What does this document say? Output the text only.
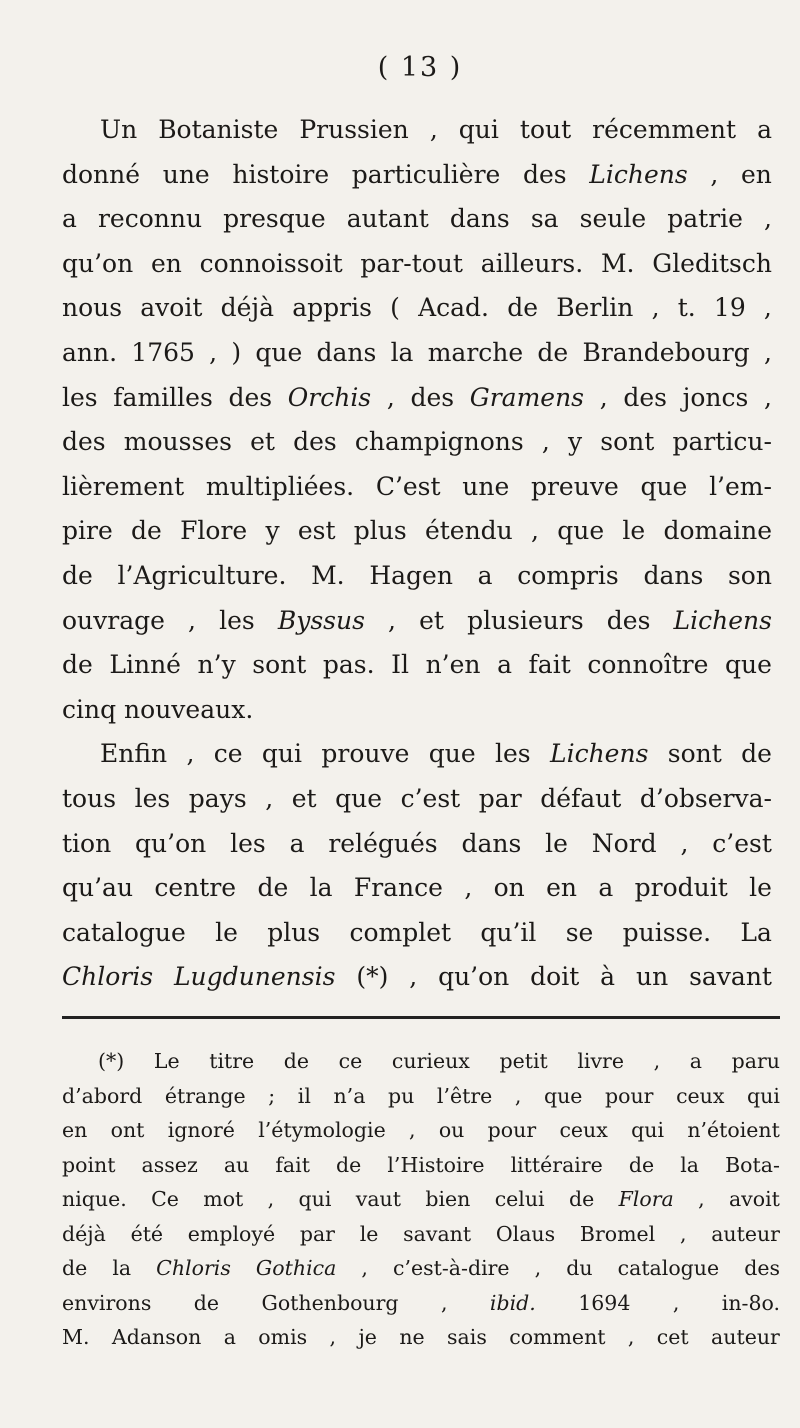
( 13 )
Un Botaniste Prussien , qui tout récemment a
donné une histoire particulière des Lichens , en
a reconnu presque autant dans sa seule patrie ,
qu’on en connoissoit par-tout ailleurs. M. Gleditsch
nous avoit déjà appris ( Acad. de Berlin , t. 19 ,
ann. 1765 , ) que dans la marche de Brandebourg ,
les familles des Orchis , des Gramens , des joncs ,
des mousses et des champignons , y sont particu-
lièrement multipliées. C’est une preuve que l’em-
pire de Flore y est plus étendu , que le domaine
de l’Agriculture. M. Hagen a compris dans son
ouvrage , les Byssus , et plusieurs des Lichens
de Linné n’y sont pas. Il n’en a fait connoître que
cinq nouveaux.
Enfin , ce qui prouve que les Lichens sont de
tous les pays , et que c’est par défaut d’observa-
tion qu’on les a relégués dans le Nord , c’est
qu’au centre de la France , on en a produit le
catalogue le plus complet qu’il se puisse. La
Chloris Lugdunensis (*) , qu’on doit à un savant
(*) Le titre de ce curieux petit livre , a paru
d’abord étrange ; il n’a pu l’être , que pour ceux qui
en ont ignoré l’étymologie , ou pour ceux qui n’étoient
point assez au fait de l’Histoire littéraire de la Bota-
nique. Ce mot , qui vaut bien celui de Flora , avoit
déjà été employé par le savant Olaus Bromel , auteur
de la Chloris Gothica , c’est-à-dire , du catalogue des
environs de Gothenbourg , ibid. 1694 , in-8o.
M. Adanson a omis , je ne sais comment , cet auteur
